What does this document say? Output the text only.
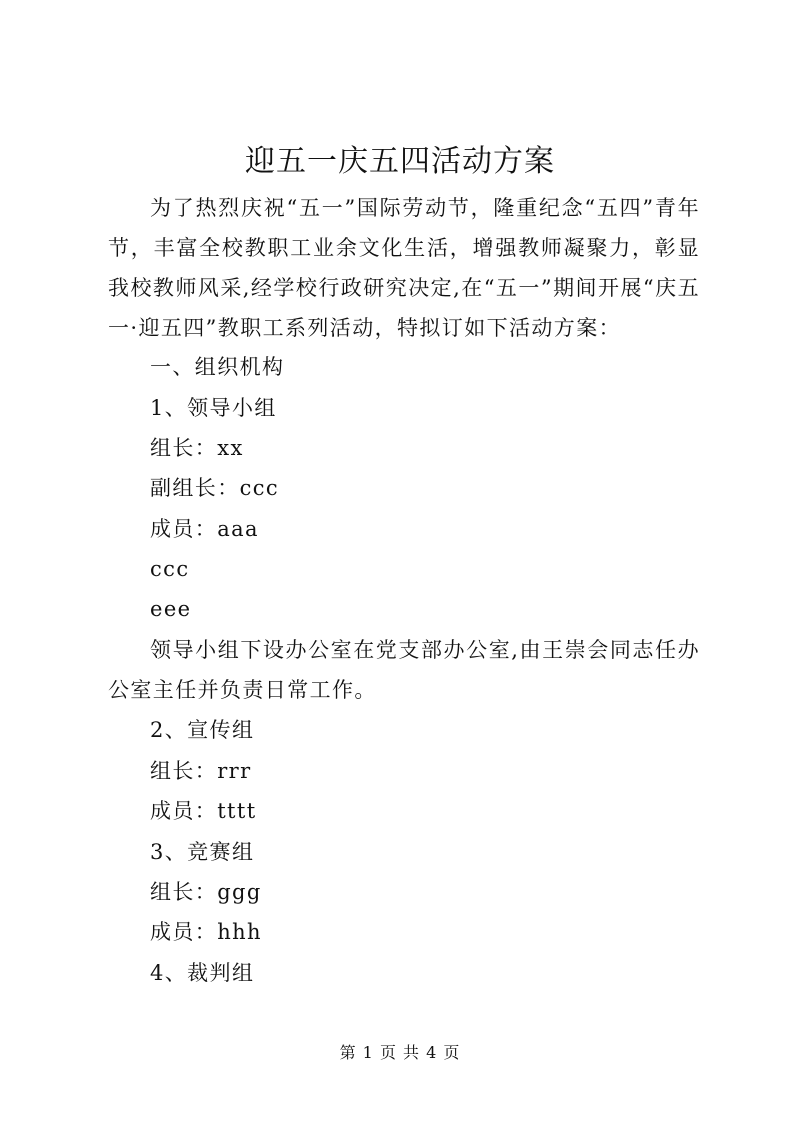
迎五一庆五四活动方案
为了热烈庆祝“五一”国际劳动节，隆重纪念“五四”青年节，丰富全校教职工业余文化生活，增强教师凝聚力，彰显我校教师风采,经学校行政研究决定,在“五一”期间开展“庆五一·迎五四”教职工系列活动，特拟订如下活动方案：
一、组织机构
1、领导小组
组长：xx
副组长：ccc
成员：aaa
ccc
eee
领导小组下设办公室在党支部办公室,由王崇会同志任办公室主任并负责日常工作。
2、宣传组
组长：rrr
成员：tttt
3、竞赛组
组长：ggg
成员：hhh
4、裁判组
第 1 页 共 4 页
